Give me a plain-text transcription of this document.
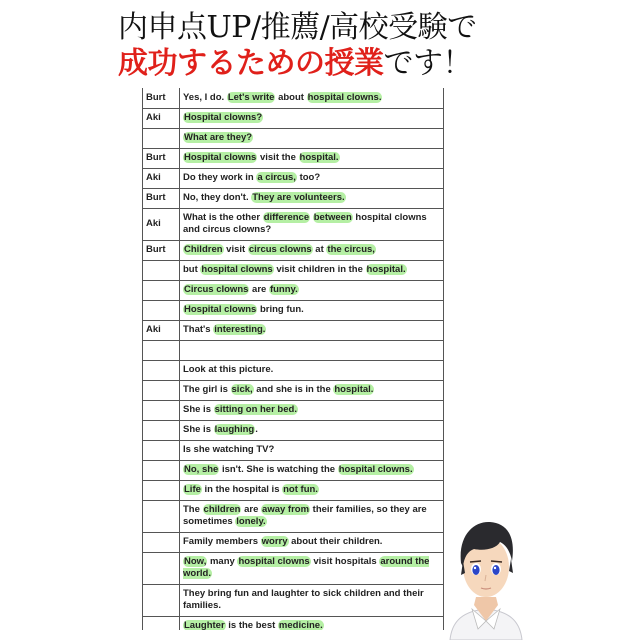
内申点UP/推薦/高校受験で
成功するための授業です！
Burt	Yes, I do. Let's write about hospital clowns.
Aki	Hospital clowns?
	What are they?
Burt	Hospital clowns visit the hospital.
Aki	Do they work in a circus, too?
Burt	No, they don't. They are volunteers.
Aki	What is the other difference between hospital clowns and circus clowns?
Burt	Children visit circus clowns at the circus,
	but hospital clowns visit children in the hospital.
	Circus clowns are funny.
	Hospital clowns bring fun.
Aki	That's interesting.

	Look at this picture.
	The girl is sick, and she is in the hospital.
	She is sitting on her bed.
	She is laughing.
	Is she watching TV?
	No, she isn't. She is watching the hospital clowns.
	Life in the hospital is not fun.
	The children are away from their families, so they are sometimes lonely.
	Family members worry about their children.
	Now, many hospital clowns visit hospitals around the world.
	They bring fun and laughter to sick children and their families.
	Laughter is the best medicine.
